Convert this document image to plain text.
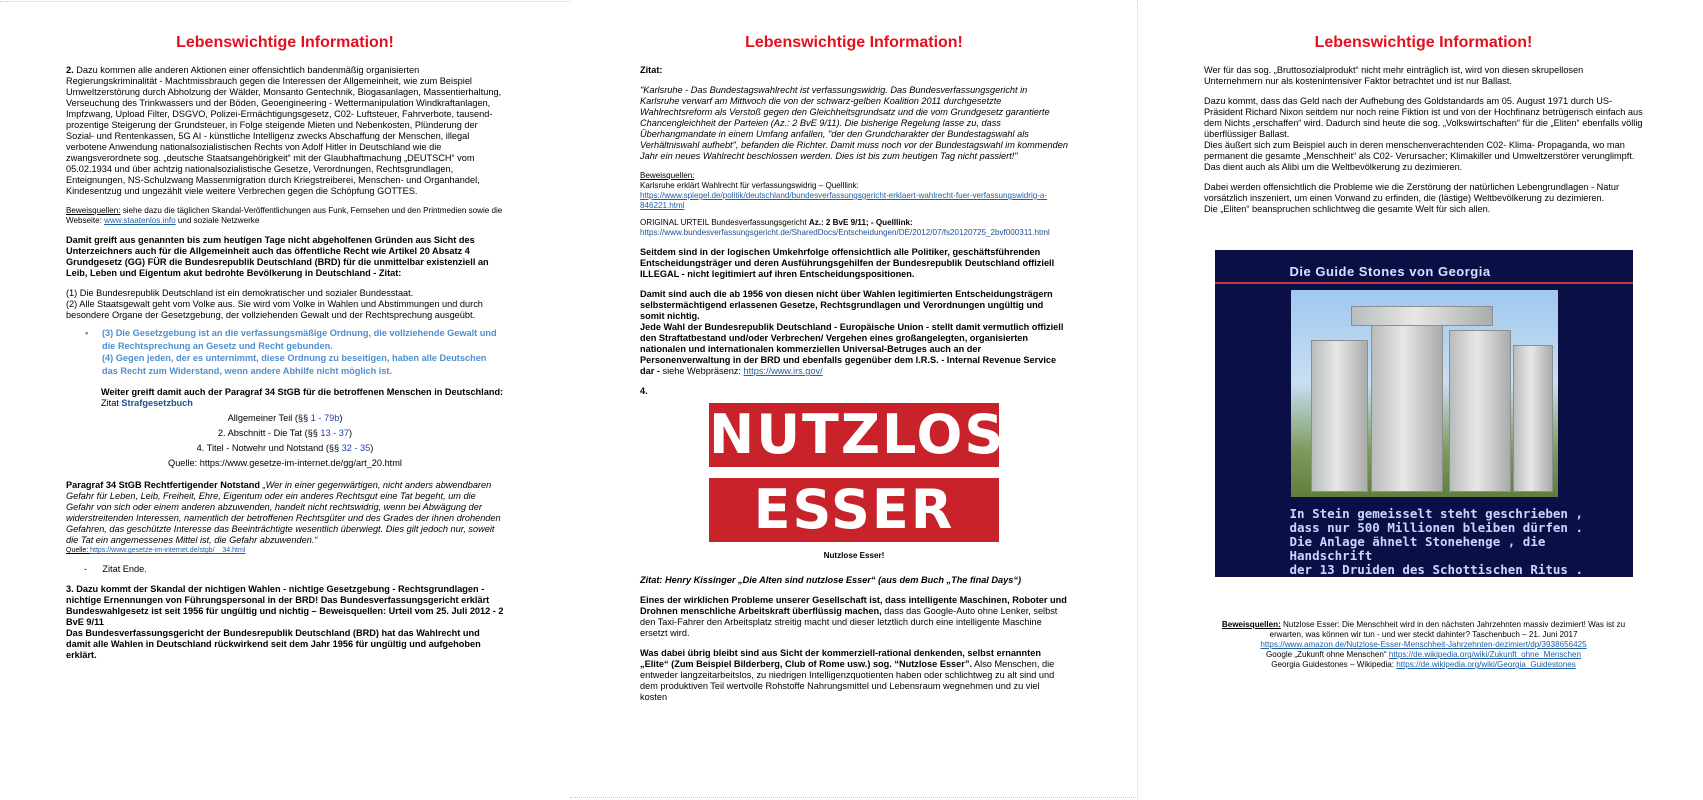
Lebenswichtige Information!

2. Dazu kommen alle anderen Aktionen einer offensichtlich bandenmäßig organisierten Regierungskriminalität - Machtmissbrauch gegen die Interessen der Allgemeinheit, wie zum Beispiel Umweltzerstörung durch Abholzung der Wälder, Monsanto Gentechnik, Biogasanlagen, Massentierhaltung, Verseuchung des Trinkwassers und der Böden, Geoengineering - Wettermanipulation Windkraftanlagen, Impfzwang, Upload Filter, DSGVO, Polizei-Ermächtigungsgesetz, C02- Luftsteuer, Fahrverbote, tausend- prozentige Steigerung der Grundsteuer, in Folge steigende Mieten und Nebenkosten, Plünderung der Sozial- und Rentenkassen, 5G AI - künstliche Intelligenz zwecks Abschaffung der Menschen, illegal verbotene Anwendung nationalsozialistischen Rechts von Adolf Hitler in Deutschland wie die zwangsverordnete sog. „deutsche Staatsangehörigkeit“ mit der Glaubhaftmachung „DEUTSCH“ vom 05.02.1934 und über achtzig nationalsozialistische Gesetze, Verordnungen, Rechtsgrundlagen, Enteignungen, NS-Schulzwang Massenmigration durch Kriegstreiberei, Menschen- und Organhandel, Kindesentzug und ungezählt viele weitere Verbrechen gegen die Schöpfung GOTTES.

Beweisquellen: siehe dazu die täglichen Skandal-Veröffentlichungen aus Funk, Fernsehen und den Printmedien sowie die Webseite: www.staatenlos.info und soziale Netzwerke

Damit greift aus genannten bis zum heutigen Tage nicht abgeholfenen Gründen aus Sicht des Unterzeichners auch für die Allgemeinheit auch das öffentliche Recht wie Artikel 20 Absatz 4 Grundgesetz (GG) FÜR die Bundesrepublik Deutschland (BRD) für die unmittelbar existenziell an Leib, Leben und Eigentum akut bedrohte Bevölkerung in Deutschland - Zitat:

(1) Die Bundesrepublik Deutschland ist ein demokratischer und sozialer Bundesstaat.
(2) Alle Staatsgewalt geht vom Volke aus. Sie wird vom Volke in Wahlen und Abstimmungen und durch besondere Organe der Gesetzgebung, der vollziehenden Gewalt und der Rechtsprechung ausgeübt.

• (3) Die Gesetzgebung ist an die verfassungsmäßige Ordnung, die vollziehende Gewalt und die Rechtsprechung an Gesetz und Recht gebunden.
(4) Gegen jeden, der es unternimmt, diese Ordnung zu beseitigen, haben alle Deutschen das Recht zum Widerstand, wenn andere Abhilfe nicht möglich ist.

Weiter greift damit auch der Paragraf 34 StGB für die betroffenen Menschen in Deutschland:

Zitat Strafgesetzbuch

Allgemeiner Teil (§§ 1 - 79b)

2. Abschnitt - Die Tat (§§ 13 - 37)

4. Titel - Notwehr und Notstand (§§ 32 - 35)

Quelle: https://www.gesetze-im-internet.de/gg/art_20.html

Paragraf 34 StGB Rechtfertigender Notstand „Wer in einer gegenwärtigen, nicht anders abwendbaren Gefahr für Leben, Leib, Freiheit, Ehre, Eigentum oder ein anderes Rechtsgut eine Tat begeht, um die Gefahr von sich oder einem anderen abzuwenden, handelt nicht rechtswidrig, wenn bei Abwägung der widerstreitenden Interessen, namentlich der betroffenen Rechtsgüter und des Grades der ihnen drohenden Gefahren, das geschützte Interesse das Beeinträchtigte wesentlich überwiegt. Dies gilt jedoch nur, soweit die Tat ein angemessenes Mittel ist, die Gefahr abzuwenden.“

Quelle: https://www.gesetze-im-internet.de/stgb/__34.html

-      Zitat Ende.

3. Dazu kommt der Skandal der nichtigen Wahlen - nichtige Gesetzgebung - Rechtsgrundlagen - nichtige Ernennungen von Führungspersonal in der BRD! Das Bundesverfassungsgericht erklärt Bundeswahlgesetz ist seit 1956 für ungültig und nichtig – Beweisquellen: Urteil vom 25. Juli 2012 - 2 BvE 9/11

Das Bundesverfassungsgericht der Bundesrepublik Deutschland (BRD) hat das Wahlrecht und damit alle Wahlen in Deutschland rückwirkend seit dem Jahr 1956 für ungültig und aufgehoben erklärt.

Lebenswichtige Information!

Zitat:

"Karlsruhe - Das Bundestagswahlrecht ist verfassungswidrig. Das Bundesverfassungsgericht in Karlsruhe verwarf am Mittwoch die von der schwarz-gelben Koalition 2011 durchgesetzte Wahlrechtsreform als Verstoß gegen den Gleichheitsgrundsatz und die vom Grundgesetz garantierte Chancengleichheit der Parteien (Az.: 2 BvE 9/11). Die bisherige Regelung lasse zu, dass Überhangmandate in einem Umfang anfallen, "der den Grundcharakter der Bundestagswahl als Verhältniswahl aufhebt", befanden die Richter. Damit muss noch vor der Bundestagswahl im kommenden Jahr ein neues Wahlrecht beschlossen werden. Dies ist bis zum heutigen Tag nicht passiert!"

Beweisquellen:
Karlsruhe erklärt Wahlrecht für verfassungswidrig – Quelllink:
https://www.spiegel.de/politik/deutschland/bundesverfassungsgericht-erklaert-wahlrecht-fuer-verfassungswidrig-a-846221.html

ORIGINAL URTEIL Bundesverfassungsgericht Az.: 2 BvE 9/11; - Quelllink:
https://www.bundesverfassungsgericht.de/SharedDocs/Entscheidungen/DE/2012/07/fs20120725_2bvf000311.html

Seitdem sind in der logischen Umkehrfolge offensichtlich alle Politiker, geschäftsführenden Entscheidungsträger und deren Ausführungsgehilfen der Bundesrepublik Deutschland offiziell ILLEGAL - nicht legitimiert auf ihren Entscheidungspositionen.

Damit sind auch die ab 1956 von diesen nicht über Wahlen legitimierten Entscheidungsträgern selbstermächtigend erlassenen Gesetze, Rechtsgrundlagen und Verordnungen ungültig und somit nichtig.
Jede Wahl der Bundesrepublik Deutschland - Europäische Union - stellt damit vermutlich offiziell den Straftatbestand und/oder Verbrechen/ Vergehen eines großangelegten, organisierten nationalen und internationalen kommerziellen Universal-Betruges auch an der Personenverwaltung in der BRD und ebenfalls gegenüber dem I.R.S. - Internal Revenue Service dar - siehe Webpräsenz: https://www.irs.gov/

4.

NUTZLOSE
ESSER

Nutzlose Esser!

Zitat: Henry Kissinger „Die Alten sind nutzlose Esser“ (aus dem Buch „The final Days“)

Eines der wirklichen Probleme unserer Gesellschaft ist, dass intelligente Maschinen, Roboter und Drohnen menschliche Arbeitskraft überflüssig machen, dass das Google-Auto ohne Lenker, selbst den Taxi-Fahrer den Arbeitsplatz streitig macht und dieser letztlich durch eine intelligente Maschine ersetzt wird.

Was dabei übrig bleibt sind aus Sicht der kommerziell-rational denkenden, selbst ernannten „Elite“ (Zum Beispiel Bilderberg, Club of Rome usw.) sog. “Nutzlose Esser”. Also Menschen, die entweder langzeitarbeitslos, zu niedrigen Intelligenzquotienten haben oder schlichtweg zu alt sind und dem produktiven Teil wertvolle Rohstoffe Nahrungsmittel und Lebensraum wegnehmen und zu viel kosten

Lebenswichtige Information!

Wer für das sog. „Bruttosozialprodukt“ nicht mehr einträglich ist, wird von diesen skrupellosen Unternehmern nur als kostenintensiver Faktor betrachtet und ist nur Ballast.

Dazu kommt, dass das Geld nach der Aufhebung des Goldstandards am 05. August 1971 durch US-Präsident Richard Nixon seitdem nur noch reine Fiktion ist und von der Hochfinanz betrügerisch einfach aus dem Nichts „erschaffen“ wird. Dadurch sind heute die sog. „Volkswirtschaften“ für die „Eliten“ ebenfalls völlig überflüssiger Ballast.

Dies äußert sich zum Beispiel auch in deren menschenverachtenden C02- Klima- Propaganda, wo man permanent die gesamte „Menschheit“ als C02- Verursacher; Klimakiller und Umweltzerstörer verunglimpft. Das dient auch als Alibi um die Weltbevölkerung zu dezimieren.

Dabei werden offensichtlich die Probleme wie die Zerstörung der natürlichen Lebengrundlagen - Natur vorsätzlich inszeniert, um einen Vorwand zu erfinden, die (lästige) Weltbevölkerung zu dezimieren.

Die „Eliten“ beanspruchen schlichtweg die gesamte Welt für sich allen.

Die Guide Stones von Georgia
In Stein gemeisselt steht geschrieben ,
dass nur 500 Millionen bleiben dürfen .
Die Anlage ähnelt Stonehenge , die Handschrift
der 13 Druiden des Schottischen Ritus .

Beweisquellen: Nutzlose Esser: Die Menschheit wird in den nächsten Jahrzehnten massiv dezimiert! Was ist zu erwarten, was können wir tun - und wer steckt dahinter? Taschenbuch – 21. Juni 2017

https://www.amazon.de/Nutzlose-Esser-Menschheit-Jahrzehnten-dezimiert/dp/3938656425

Google „Zukunft ohne Menschen“ https://de.wikipedia.org/wiki/Zukunft_ohne_Menschen

Georgia Guidestones – Wikipedia: https://de.wikipedia.org/wiki/Georgia_Guidestones
